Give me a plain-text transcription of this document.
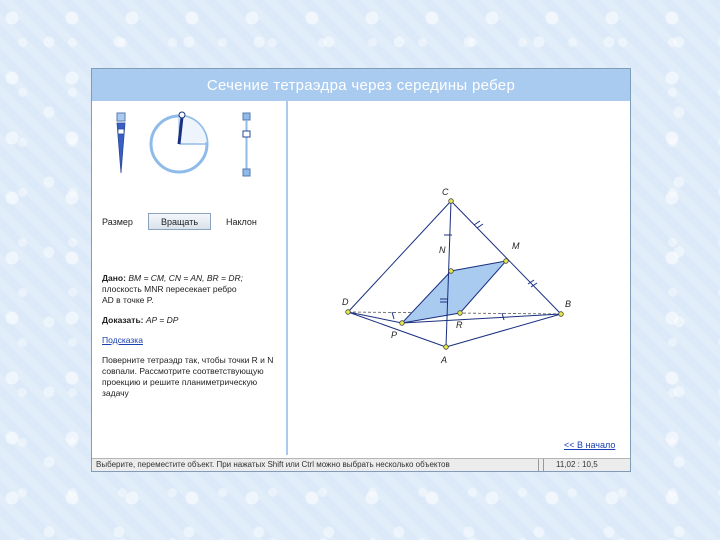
Сечение тетраэдра через середины ребер
Размер	Вращать	Наклон

Дано: BM = CM, CN = AN, BR = DR;
плоскость MNR пересекает ребро
AD в точке P.

Доказать: AP = DP

Подсказка

Поверните тетраэдр так, чтобы точки R и N совпали. Рассмотрите соответствующую проекцию и решите планиметрическую задачу

C
N	M
D	B
P
R
A
<< В начало
Выберите, переместите объект. При нажатых Shift или Ctrl можно выбрать несколько объектов	11,02 : 10,5
